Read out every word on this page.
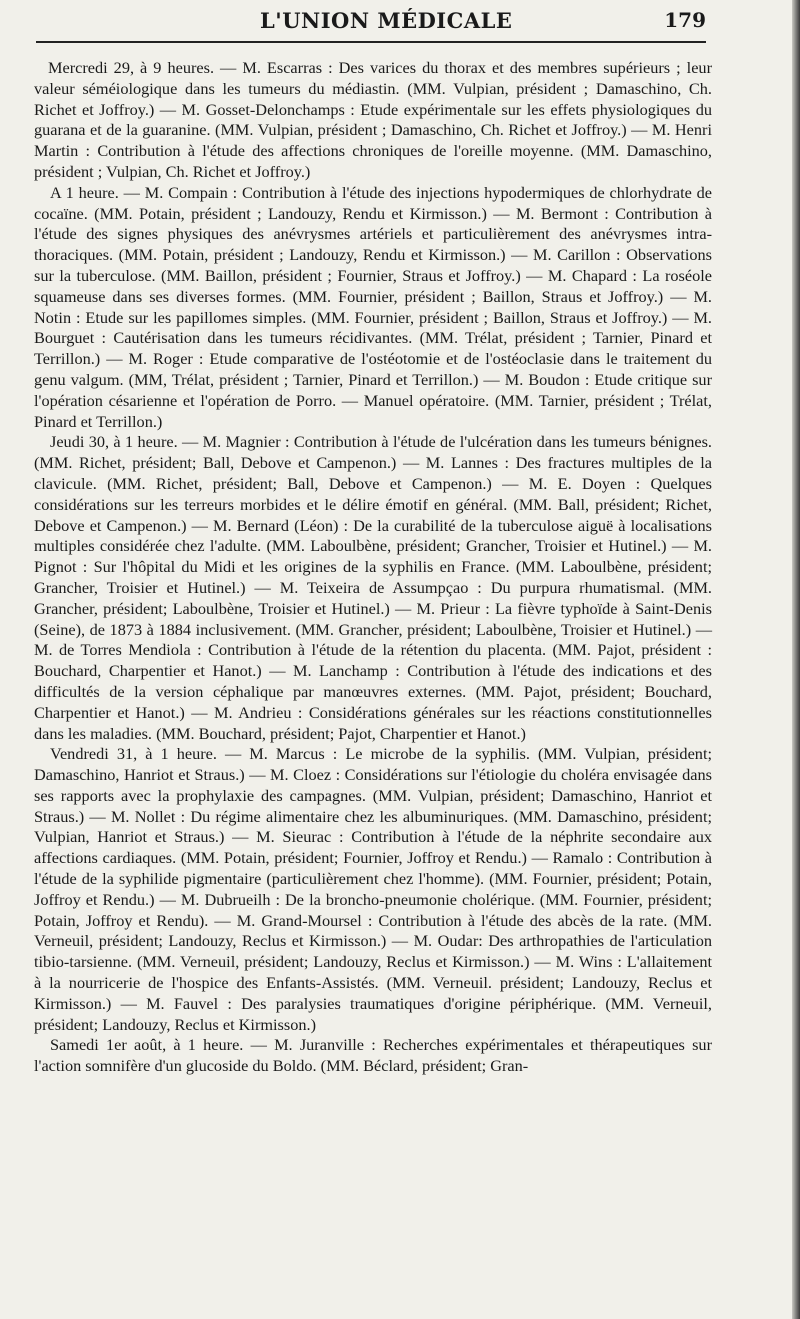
L'UNION MÉDICALE	179

Mercredi 29, à 9 heures. — M. Escarras : Des varices du thorax et des membres supérieurs ; leur valeur séméiologique dans les tumeurs du médiastin. (MM. Vulpian, président ; Damaschino, Ch. Richet et Joffroy.) — M. Gosset-Delonchamps : Etude expérimentale sur les effets physiologiques du guarana et de la guaranine. (MM. Vulpian, président ; Damaschino, Ch. Richet et Joffroy.) — M. Henri Martin : Contribution à l'étude des affections chroniques de l'oreille moyenne. (MM. Damaschino, président ; Vulpian, Ch. Richet et Joffroy.)

A 1 heure. — M. Compain : Contribution à l'étude des injections hypodermiques de chlorhydrate de cocaïne. (MM. Potain, président ; Landouzy, Rendu et Kirmisson.) — M. Bermont : Contribution à l'étude des signes physiques des anévrysmes artériels et particulièrement des anévrysmes intra-thoraciques. (MM. Potain, président ; Landouzy, Rendu et Kirmisson.) — M. Carillon : Observations sur la tuberculose. (MM. Baillon, président ; Fournier, Straus et Joffroy.) — M. Chapard : La roséole squameuse dans ses diverses formes. (MM. Fournier, président ; Baillon, Straus et Joffroy.) — M. Notin : Etude sur les papillomes simples. (MM. Fournier, président ; Baillon, Straus et Joffroy.) — M. Bourguet : Cautérisation dans les tumeurs récidivantes. (MM. Trélat, président ; Tarnier, Pinard et Terrillon.) — M. Roger : Etude comparative de l'ostéotomie et de l'ostéoclasie dans le traitement du genu valgum. (MM, Trélat, président ; Tarnier, Pinard et Terrillon.) — M. Boudon : Etude critique sur l'opération césarienne et l'opération de Porro. — Manuel opératoire. (MM. Tarnier, président ; Trélat, Pinard et Terrillon.)

Jeudi 30, à 1 heure. — M. Magnier : Contribution à l'étude de l'ulcération dans les tumeurs bénignes. (MM. Richet, président; Ball, Debove et Campenon.) — M. Lannes : Des fractures multiples de la clavicule. (MM. Richet, président; Ball, Debove et Campenon.) — M. E. Doyen : Quelques considérations sur les terreurs morbides et le délire émotif en général. (MM. Ball, président; Richet, Debove et Campenon.) — M. Bernard (Léon) : De la curabilité de la tuberculose aiguë à localisations multiples considérée chez l'adulte. (MM. Laboulbène, président; Grancher, Troisier et Hutinel.) — M. Pignot : Sur l'hôpital du Midi et les origines de la syphilis en France. (MM. Laboulbène, président; Grancher, Troisier et Hutinel.) — M. Teixeira de Assumpçao : Du purpura rhumatismal. (MM. Grancher, président; Laboulbène, Troisier et Hutinel.) — M. Prieur : La fièvre typhoïde à Saint-Denis (Seine), de 1873 à 1884 inclusivement. (MM. Grancher, président; Laboulbène, Troisier et Hutinel.) — M. de Torres Mendiola : Contribution à l'étude de la rétention du placenta. (MM. Pajot, président : Bouchard, Charpentier et Hanot.) — M. Lanchamp : Contribution à l'étude des indications et des difficultés de la version céphalique par manœuvres externes. (MM. Pajot, président; Bouchard, Charpentier et Hanot.) — M. Andrieu : Considérations générales sur les réactions constitutionnelles dans les maladies. (MM. Bouchard, président; Pajot, Charpentier et Hanot.)

Vendredi 31, à 1 heure. — M. Marcus : Le microbe de la syphilis. (MM. Vulpian, président; Damaschino, Hanriot et Straus.) — M. Cloez : Considérations sur l'étiologie du choléra envisagée dans ses rapports avec la prophylaxie des campagnes. (MM. Vulpian, président; Damaschino, Hanriot et Straus.) — M. Nollet : Du régime alimentaire chez les albuminuriques. (MM. Damaschino, président; Vulpian, Hanriot et Straus.) — M. Sieurac : Contribution à l'étude de la néphrite secondaire aux affections cardiaques. (MM. Potain, président; Fournier, Joffroy et Rendu.) — Ramalo : Contribution à l'étude de la syphilide pigmentaire (particulièrement chez l'homme). (MM. Fournier, président; Potain, Joffroy et Rendu.) — M. Dubrueilh : De la broncho-pneumonie cholérique. (MM. Fournier, président; Potain, Joffroy et Rendu). — M. Grand-Moursel : Contribution à l'étude des abcès de la rate. (MM. Verneuil, président; Landouzy, Reclus et Kirmisson.) — M. Oudar: Des arthropathies de l'articulation tibio-tarsienne. (MM. Verneuil, président; Landouzy, Reclus et Kirmisson.) — M. Wins : L'allaitement à la nourricerie de l'hospice des Enfants-Assistés. (MM. Verneuil. président; Landouzy, Reclus et Kirmisson.) — M. Fauvel : Des paralysies traumatiques d'origine périphérique. (MM. Verneuil, président; Landouzy, Reclus et Kirmisson.)

Samedi 1er août, à 1 heure. — M. Juranville : Recherches expérimentales et thérapeutiques sur l'action somnifère d'un glucoside du Boldo. (MM. Béclard, président; Gran-
